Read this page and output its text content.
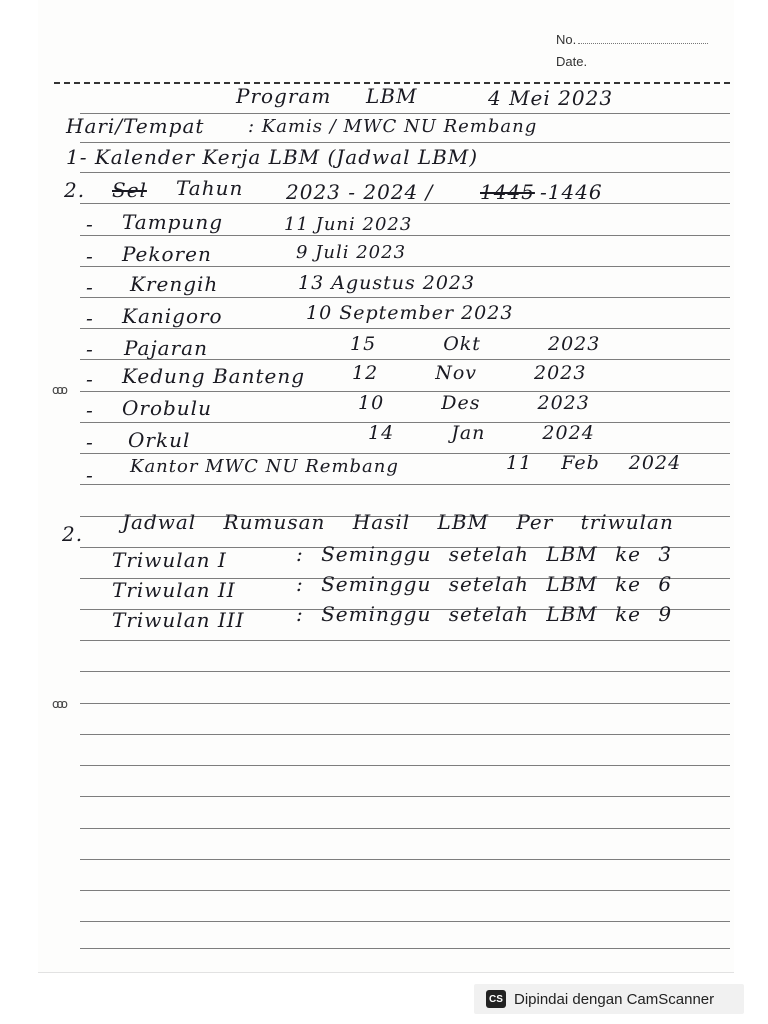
No.
Date.
ooo
ooo
Program LBM	4 Mei 2023
Hari/Tempat : Kamis / MWC NU Rembang
1- Kalender Kerja LBM (Jadwal LBM)
2. Sel Tahun 2023 - 2024 / 1445 -1446
- Tampung	11 Juni 2023
- Pekoren	9 Juli 2023
- Krengih	13 Agustus 2023
- Kanigoro	10 September 2023
- Pajaran	15 Okt 2023
- Kedung Banteng 12 Nov 2023
- Orobulu	10 Des 2023
- Orkul	14 Jan 2024
- Kantor MWC NU Rembang	11 Feb 2024
2. Jadwal Rumusan Hasil LBM Per triwulan
Triwulan I	: Seminggu setelah LBM ke 3
Triwulan II	: Seminggu setelah LBM ke 6
Triwulan III	: Seminggu setelah LBM ke 9
CS Dipindai dengan CamScanner
